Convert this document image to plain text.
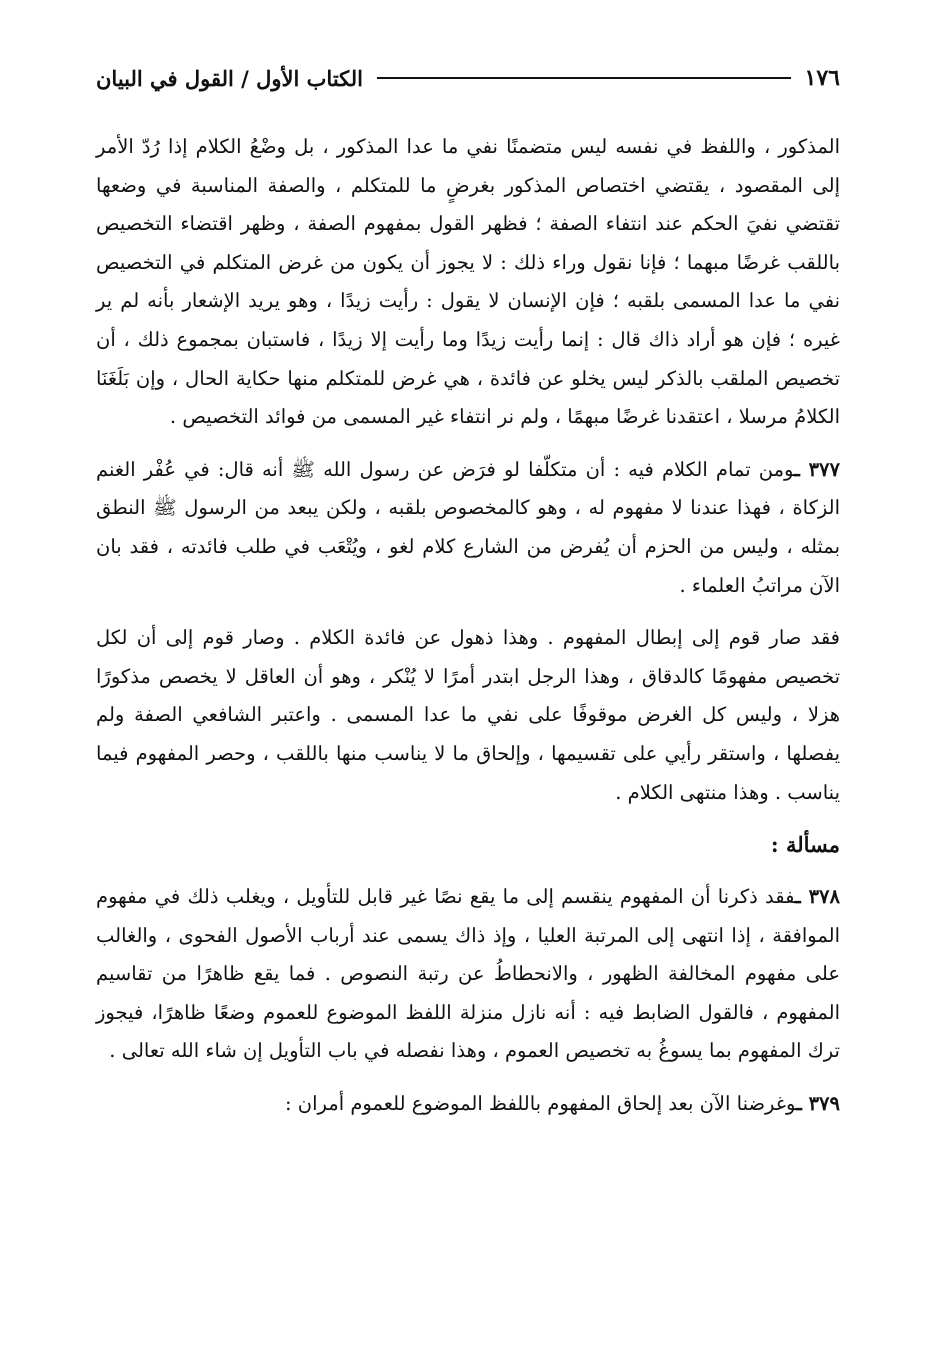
١٧٦
الكتاب الأول / القول في البيان

المذكور ، واللفظ في نفسه ليس متضمنًا نفي ما عدا المذكور ، بل وضْعُ الكلام إذا رُدّ الأمر إلى المقصود ، يقتضي اختصاص المذكور بغرضٍ ما للمتكلم ، والصفة المناسبة في وضعها تقتضي نفيَ الحكم عند انتفاء الصفة ؛ فظهر القول بمفهوم الصفة ، وظهر اقتضاء التخصيص باللقب غرضًا مبهما ؛ فإنا نقول وراء ذلك : لا يجوز أن يكون من غرض المتكلم في التخصيص نفي ما عدا المسمى بلقبه ؛ فإن الإنسان لا يقول : رأيت زيدًا ، وهو يريد الإشعار بأنه لم ير غيره ؛ فإن هو أراد ذاك قال : إنما رأيت زيدًا وما رأيت إلا زيدًا ، فاستبان بمجموع ذلك ، أن تخصيص الملقب بالذكر ليس يخلو عن فائدة ، هي غرض للمتكلم منها حكاية الحال ، وإن بَلَغَنَا الكلامُ مرسلا ، اعتقدنا غرضًا مبهمًا ، ولم نر انتفاء غير المسمى من فوائد التخصيص .

٣٧٧ ـومن تمام الكلام فيه : أن متكلّفا لو فرَض عن رسول الله ﷺ أنه قال: في عُفْر الغنم الزكاة ، فهذا عندنا لا مفهوم له ، وهو كالمخصوص بلقبه ، ولكن يبعد من الرسول ﷺ النطق بمثله ، وليس من الحزم أن يُفرض من الشارع كلام لغو ، ويُتْعَب في طلب فائدته ، فقد بان الآن مراتبُ العلماء .

فقد صار قوم إلى إبطال المفهوم . وهذا ذهول عن فائدة الكلام . وصار قوم إلى أن لكل تخصيص مفهومًا كالدقاق ، وهذا الرجل ابتدر أمرًا لا يُنْكر ، وهو أن العاقل لا يخصص مذكورًا هزلا ، وليس كل الغرض موقوفًا على نفي ما عدا المسمى . واعتبر الشافعي الصفة ولم يفصلها ، واستقر رأيي على تقسيمها ، وإلحاق ما لا يناسب منها باللقب ، وحصر المفهوم فيما يناسب . وهذا منتهى الكلام .

مسألة :

٣٧٨ ـفقد ذكرنا أن المفهوم ينقسم إلى ما يقع نصًا غير قابل للتأويل ، ويغلب ذلك في مفهوم الموافقة ، إذا انتهى إلى المرتبة العليا ، وإذ ذاك يسمى عند أرباب الأصول الفحوى ، والغالب على مفهوم المخالفة الظهور ، والانحطاطُ عن رتبة النصوص . فما يقع ظاهرًا من تقاسيم المفهوم ، فالقول الضابط فيه : أنه نازل منزلة اللفظ الموضوع للعموم وضعًا ظاهرًا، فيجوز ترك المفهوم بما يسوغُ به تخصيص العموم ، وهذا نفصله في باب التأويل إن شاء الله تعالى .

٣٧٩ ـوغرضنا الآن بعد إلحاق المفهوم باللفظ الموضوع للعموم أمران :
